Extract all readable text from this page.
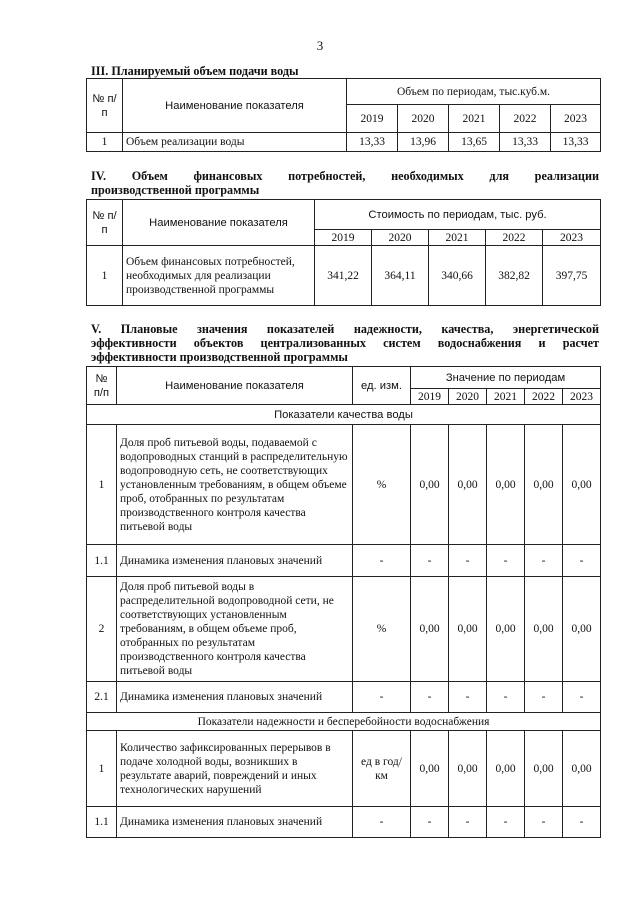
3
III. Планируемый объем подачи воды
№ п/п	Наименование показателя	Объем по периодам, тыс.куб.м.				
		2019	2020	2021	2022	2023
1	Объем реализации воды	13,33	13,96	13,65	13,33	13,33
IV. Объем финансовых потребностей, необходимых для реализации
производственной программы
№ п/п	Наименование показателя	Стоимость по периодам, тыс. руб.				
		2019	2020	2021	2022	2023
1	Объем финансовых потребностей, необходимых для реализации производственной программы	341,22	364,11	340,66	382,82	397,75
V. Плановые значения показателей надежности, качества, энергетической
эффективности объектов централизованных систем водоснабжения и расчет
эффективности производственной программы
№ п/п	Наименование показателя	ед. изм.	Значение по периодам				
			2019	2020	2021	2022	2023
Показатели качества воды							
1	Доля проб питьевой воды, подаваемой с водопроводных станций в распределительную водопроводную сеть, не соответствующих установленным требованиям, в общем объеме проб, отобранных по результатам производственного контроля качества питьевой воды	%	0,00	0,00	0,00	0,00	0,00
1.1	Динамика изменения плановых значений	-	-	-	-	-	-
2	Доля проб питьевой воды в распределительной водопроводной сети, не соответствующих установленным требованиям, в общем объеме проб, отобранных по результатам производственного контроля качества питьевой воды	%	0,00	0,00	0,00	0,00	0,00
2.1	Динамика изменения плановых значений	-	-	-	-	-	-
Показатели надежности и бесперебойности водоснабжения							
1	Количество зафиксированных перерывов в подаче холодной воды, возникших в результате аварий, повреждений и иных технологических нарушений	ед в год/ км	0,00	0,00	0,00	0,00	0,00
1.1	Динамика изменения плановых значений	-	-	-	-	-	-
